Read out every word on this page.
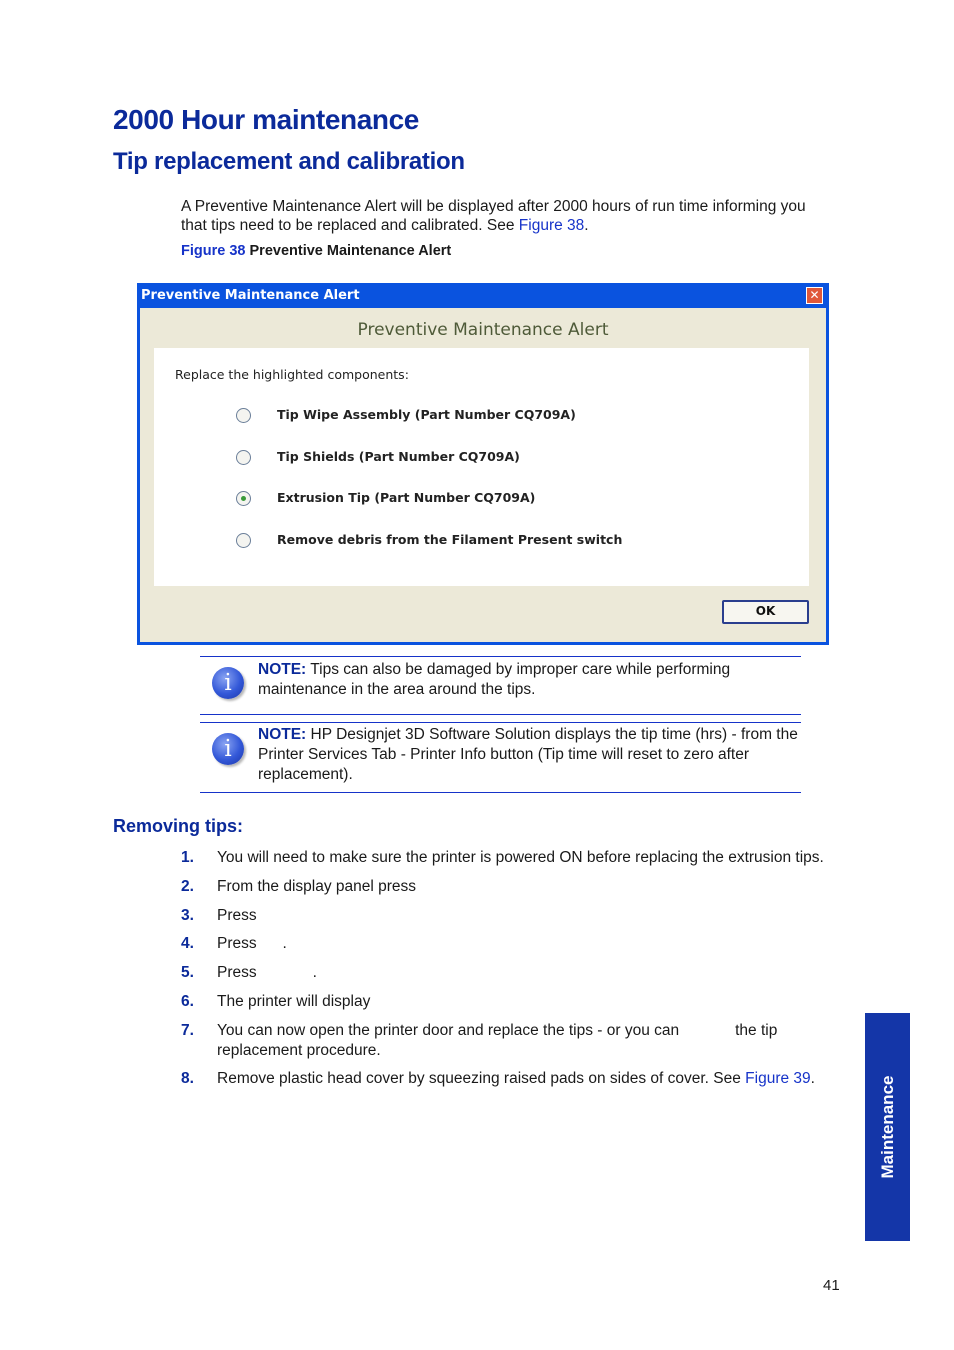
2000 Hour maintenance
Tip replacement and calibration
A Preventive Maintenance Alert will be displayed after 2000 hours of run time informing you that tips need to be replaced and calibrated. See Figure 38.
Figure 38 Preventive Maintenance Alert
Preventive Maintenance Alert	✕
Preventive Maintenance Alert
Replace the highlighted components:
Tip Wipe Assembly (Part Number CQ709A)
Tip Shields (Part Number CQ709A)
Extrusion Tip (Part Number CQ709A)
Remove debris from the Filament Present switch
OK
i
NOTE: Tips can also be damaged by improper care while performing maintenance in the area around the tips.
i
NOTE: HP Designjet 3D Software Solution displays the tip time (hrs) - from the Printer Services Tab - Printer Info button (Tip time will reset to zero after replacement).
Removing tips:
1. You will need to make sure the printer is powered ON before replacing the extrusion tips.
2. From the display panel press
3. Press
4. Press      .
5. Press             .
6. The printer will display
7. You can now open the printer door and replace the tips - or you can             the tip
replacement procedure.
8. Remove plastic head cover by squeezing raised pads on sides of cover. See Figure 39.	Maintenance
41
